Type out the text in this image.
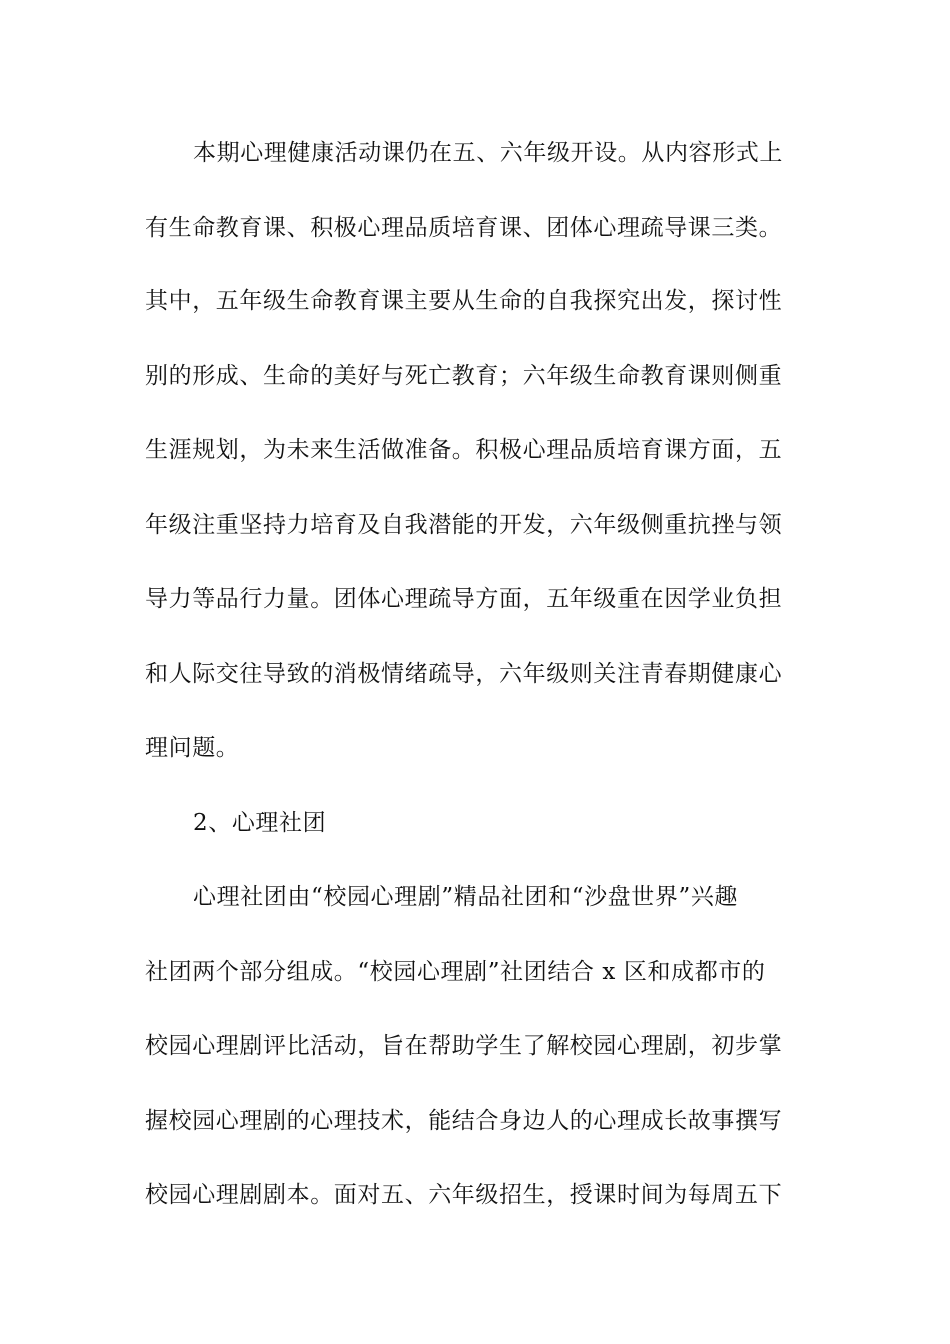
本期心理健康活动课仍在五、六年级开设。从内容形式上
有生命教育课、积极心理品质培育课、团体心理疏导课三类。
其中，五年级生命教育课主要从生命的自我探究出发，探讨性
别的形成、生命的美好与死亡教育；六年级生命教育课则侧重
生涯规划，为未来生活做准备。积极心理品质培育课方面，五
年级注重坚持力培育及自我潜能的开发，六年级侧重抗挫与领
导力等品行力量。团体心理疏导方面，五年级重在因学业负担
和人际交往导致的消极情绪疏导，六年级则关注青春期健康心
理问题。
2、心理社团
心理社团由“校园心理剧”精品社团和“沙盘世界”兴趣
社团两个部分组成。“校园心理剧”社团结合 x 区和成都市的
校园心理剧评比活动，旨在帮助学生了解校园心理剧，初步掌
握校园心理剧的心理技术，能结合身边人的心理成长故事撰写
校园心理剧剧本。面对五、六年级招生，授课时间为每周五下
